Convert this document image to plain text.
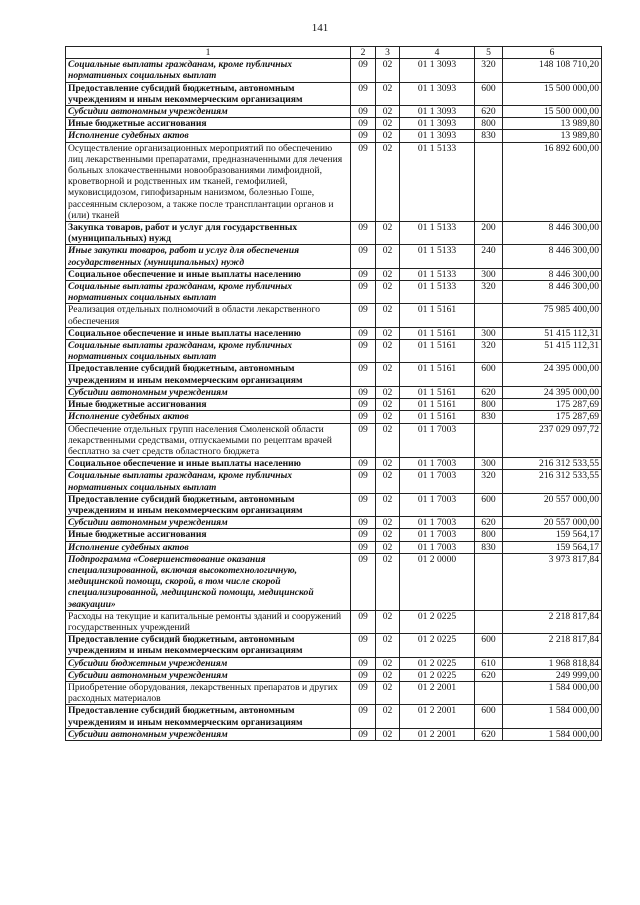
141
1	2	3	4	5	6
Социальные выплаты гражданам, кроме публичных нормативных социальных выплат	09	02	01 1 3093	320	148 108 710,20
Предоставление субсидий бюджетным, автономным учреждениям и иным некоммерческим организациям	09	02	01 1 3093	600	15 500 000,00
Субсидии автономным учреждениям	09	02	01 1 3093	620	15 500 000,00
Иные бюджетные ассигнования	09	02	01 1 3093	800	13 989,80
Исполнение судебных актов	09	02	01 1 3093	830	13 989,80
Осуществление организационных мероприятий по обеспечению лиц лекарственными препаратами, предназначенными для лечения больных злокачественными новообразованиями лимфоидной, кроветворной и родственных им тканей, гемофилией, муковисцидозом, гипофизарным нанизмом, болезнью Гоше, рассеянным склерозом, а также после трансплантации органов и (или) тканей	09	02	01 1 5133		16 892 600,00
Закупка товаров, работ и услуг для государственных (муниципальных) нужд	09	02	01 1 5133	200	8 446 300,00
Иные закупки товаров, работ и услуг для обеспечения государственных (муниципальных) нужд	09	02	01 1 5133	240	8 446 300,00
Социальное обеспечение и иные выплаты населению	09	02	01 1 5133	300	8 446 300,00
Социальные выплаты гражданам, кроме публичных нормативных социальных выплат	09	02	01 1 5133	320	8 446 300,00
Реализация отдельных полномочий в области лекарственного обеспечения	09	02	01 1 5161		75 985 400,00
Социальное обеспечение и иные выплаты населению	09	02	01 1 5161	300	51 415 112,31
Социальные выплаты гражданам, кроме публичных нормативных социальных выплат	09	02	01 1 5161	320	51 415 112,31
Предоставление субсидий бюджетным, автономным учреждениям и иным некоммерческим организациям	09	02	01 1 5161	600	24 395 000,00
Субсидии автономным учреждениям	09	02	01 1 5161	620	24 395 000,00
Иные бюджетные ассигнования	09	02	01 1 5161	800	175 287,69
Исполнение судебных актов	09	02	01 1 5161	830	175 287,69
Обеспечение отдельных групп населения Смоленской области лекарственными средствами, отпускаемыми по рецептам врачей бесплатно за счет средств областного бюджета	09	02	01 1 7003		237 029 097,72
Социальное обеспечение и иные выплаты населению	09	02	01 1 7003	300	216 312 533,55
Социальные выплаты гражданам, кроме публичных нормативных социальных выплат	09	02	01 1 7003	320	216 312 533,55
Предоставление субсидий бюджетным, автономным учреждениям и иным некоммерческим организациям	09	02	01 1 7003	600	20 557 000,00
Субсидии автономным учреждениям	09	02	01 1 7003	620	20 557 000,00
Иные бюджетные ассигнования	09	02	01 1 7003	800	159 564,17
Исполнение судебных актов	09	02	01 1 7003	830	159 564,17
Подпрограмма «Совершенствование оказания специализированной, включая высокотехнологичную, медицинской помощи, скорой, в том числе скорой специализированной, медицинской помощи, медицинской эвакуации»	09	02	01 2 0000		3 973 817,84
Расходы на текущие и капитальные ремонты зданий и сооружений государственных учреждений	09	02	01 2 0225		2 218 817,84
Предоставление субсидий бюджетным, автономным учреждениям и иным некоммерческим организациям	09	02	01 2 0225	600	2 218 817,84
Субсидии бюджетным учреждениям	09	02	01 2 0225	610	1 968 818,84
Субсидии автономным учреждениям	09	02	01 2 0225	620	249 999,00
Приобретение оборудования, лекарственных препаратов и других расходных материалов	09	02	01 2 2001		1 584 000,00
Предоставление субсидий бюджетным, автономным учреждениям и иным некоммерческим организациям	09	02	01 2 2001	600	1 584 000,00
Субсидии автономным учреждениям	09	02	01 2 2001	620	1 584 000,00
